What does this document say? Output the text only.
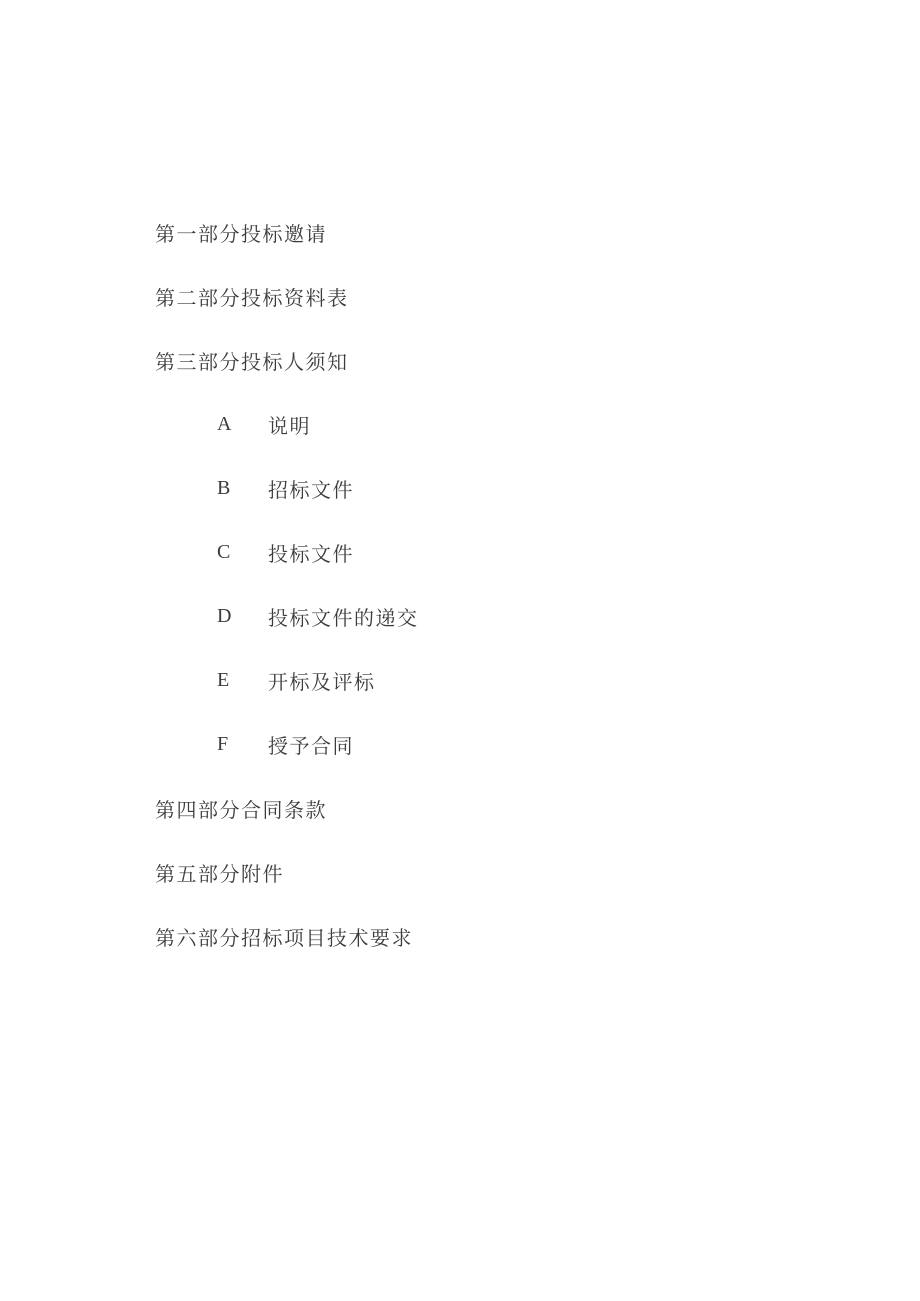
第一部分投标邀请
第二部分投标资料表
第三部分投标人须知
A	说明
B	招标文件
C	投标文件
D	投标文件的递交
E	开标及评标
F	授予合同
第四部分合同条款
第五部分附件
第六部分招标项目技术要求
